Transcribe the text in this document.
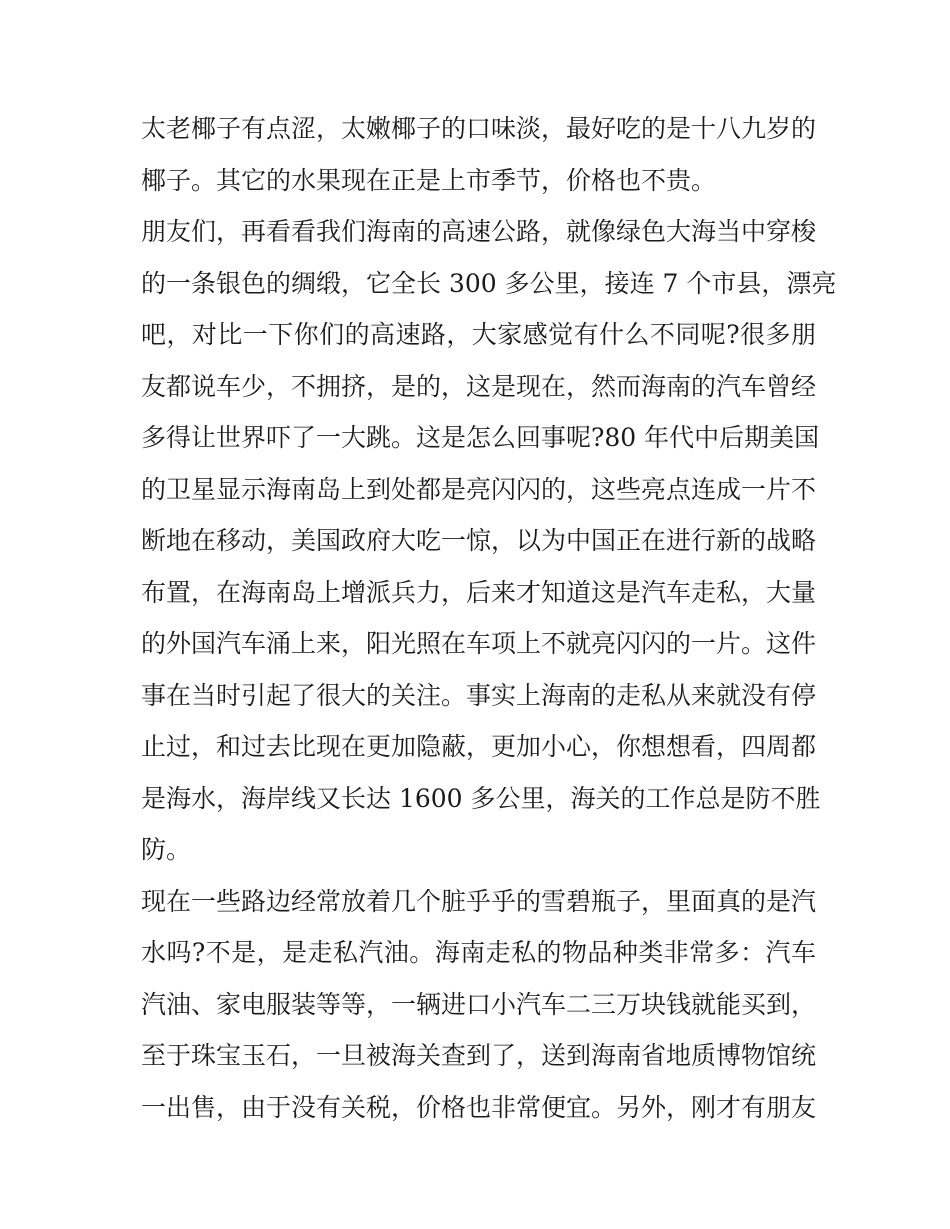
太老椰子有点涩，太嫩椰子的口味淡，最好吃的是十八九岁的
椰子。其它的水果现在正是上市季节，价格也不贵。

朋友们，再看看我们海南的高速公路，就像绿色大海当中穿梭
的一条银色的绸缎，它全长 300 多公里，接连 7 个市县，漂亮
吧，对比一下你们的高速路，大家感觉有什么不同呢?很多朋
友都说车少，不拥挤，是的，这是现在，然而海南的汽车曾经
多得让世界吓了一大跳。这是怎么回事呢?80 年代中后期美国
的卫星显示海南岛上到处都是亮闪闪的，这些亮点连成一片不
断地在移动，美国政府大吃一惊，以为中国正在进行新的战略
布置，在海南岛上增派兵力，后来才知道这是汽车走私，大量
的外国汽车涌上来，阳光照在车项上不就亮闪闪的一片。这件
事在当时引起了很大的关注。事实上海南的走私从来就没有停
止过，和过去比现在更加隐蔽，更加小心，你想想看，四周都
是海水，海岸线又长达 1600 多公里，海关的工作总是防不胜
防。

现在一些路边经常放着几个脏乎乎的雪碧瓶子，里面真的是汽
水吗?不是，是走私汽油。海南走私的物品种类非常多：汽车
汽油、家电服装等等，一辆进口小汽车二三万块钱就能买到，
至于珠宝玉石，一旦被海关查到了，送到海南省地质博物馆统
一出售，由于没有关税，价格也非常便宜。另外，刚才有朋友
